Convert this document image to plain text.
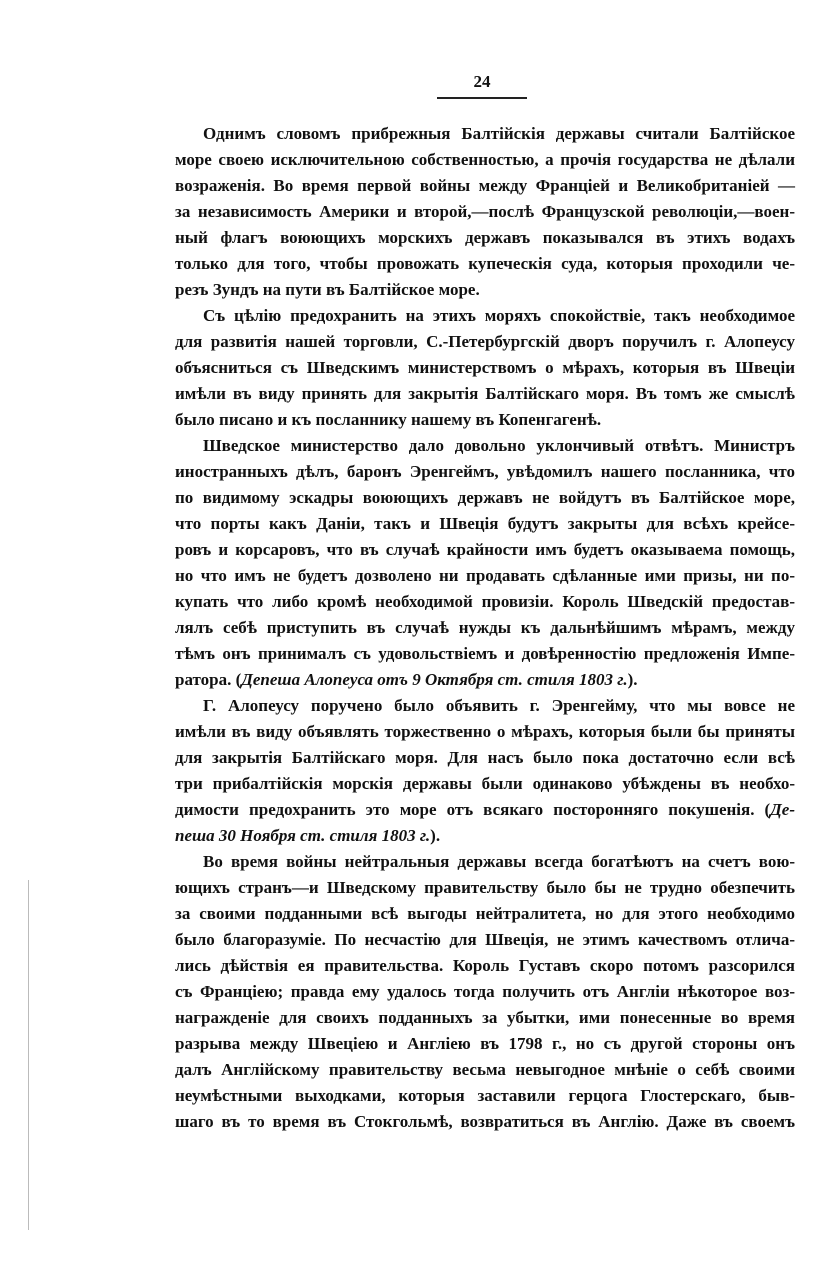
24
Однимъ словомъ прибрежныя Балтійскія державы считали Балтійское
море своею исключительною собственностью, а прочія государства не дѣлали
возраженія. Во время первой войны между Франціей и Великобританіей —
за независимость Америки и второй,—послѣ Французской революціи,—воен-
ный флагъ воюющихъ морскихъ державъ показывался въ этихъ водахъ
только для того, чтобы провожать купеческія суда, которыя проходили че-
резъ Зундъ на пути въ Балтійское море.
Съ цѣлію предохранить на этихъ моряхъ спокойствіе, такъ необходимое
для развитія нашей торговли, С.-Петербургскій дворъ поручилъ г. Алопеусу
объясниться съ Шведскимъ министерствомъ о мѣрахъ, которыя въ Швеціи
имѣли въ виду принять для закрытія Балтійскаго моря. Въ томъ же смыслѣ
было писано и къ посланнику нашему въ Копенгагенѣ.
Шведское министерство дало довольно уклончивый отвѣтъ. Министръ
иностранныхъ дѣлъ, баронъ Эренгеймъ, увѣдомилъ нашего посланника, что
по видимому эскадры воюющихъ державъ не войдутъ въ Балтійское море,
что порты какъ Даніи, такъ и Швеція будутъ закрыты для всѣхъ крейсе-
ровъ и корсаровъ, что въ случаѣ крайности имъ будетъ оказываема помощь,
но что имъ не будетъ дозволено ни продавать сдѣланные ими призы, ни по-
купать что либо кромѣ необходимой провизіи. Король Шведскій предостав-
лялъ себѣ приступить въ случаѣ нужды къ дальнѣйшимъ мѣрамъ, между
тѣмъ онъ принималъ съ удовольствіемъ и довѣренностію предложенія Импе-
ратора. (Депеша Алопеуса отъ 9 Октября ст. стиля 1803 г.).
Г. Алопеусу поручено было объявить г. Эренгейму, что мы вовсе не
имѣли въ виду объявлять торжественно о мѣрахъ, которыя были бы приняты
для закрытія Балтійскаго моря. Для насъ было пока достаточно если всѣ
три прибалтійскія морскія державы были одинаково убѣждены въ необхо-
димости предохранить это море отъ всякаго посторонняго покушенія. (Де-
пеша 30 Ноября ст. стиля 1803 г.).
Во время войны нейтральныя державы всегда богатѣютъ на счетъ вою-
ющихъ странъ—и Шведскому правительству было бы не трудно обезпечить
за своими подданными всѣ выгоды нейтралитета, но для этого необходимо
было благоразуміе. По несчастію для Швеція, не этимъ качествомъ отлича-
лись дѣйствія ея правительства. Король Густавъ скоро потомъ разсорился
съ Франціею; правда ему удалось тогда получить отъ Англіи нѣкоторое воз-
награжденіе для своихъ подданныхъ за убытки, ими понесенные во время
разрыва между Швеціею и Англіею въ 1798 г., но съ другой стороны онъ
далъ Англійскому правительству весьма невыгодное мнѣніе о себѣ своими
неумѣстными выходками, которыя заставили герцога Глостерскаго, быв-
шаго въ то время въ Стокгольмѣ, возвратиться въ Англію. Даже въ своемъ
